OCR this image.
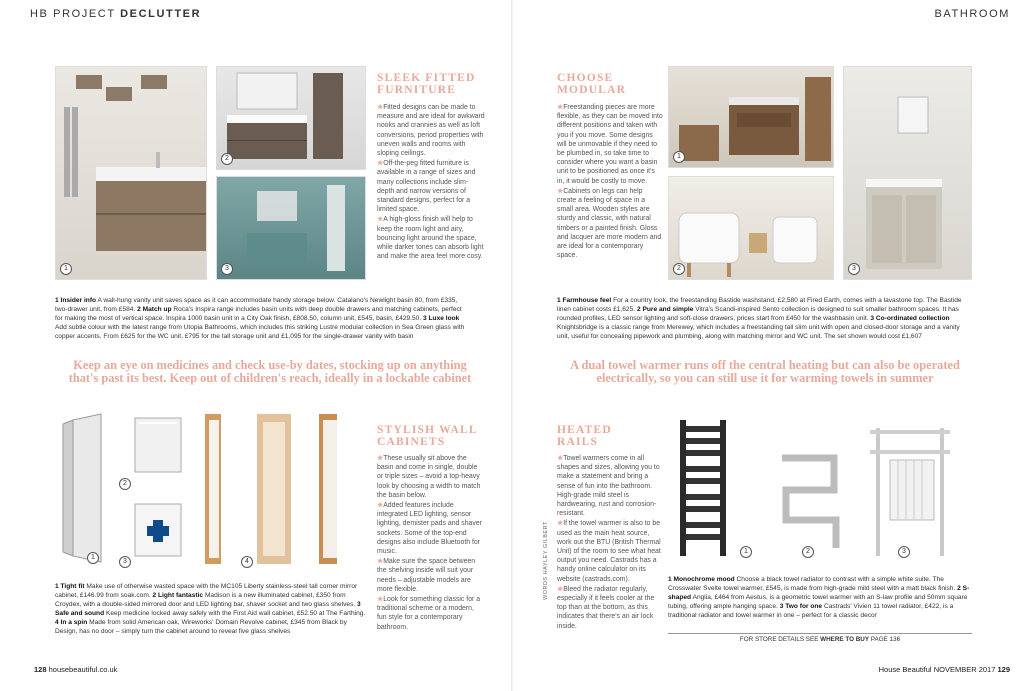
HB PROJECT DECLUTTER	BATHROOM
1
2
3
SLEEK FITTED FURNITURE

★Fitted designs can be made to measure and are ideal for awkward nooks and crannies as well as loft conversions, period properties with uneven walls and rooms with sloping ceilings.

★Off-the-peg fitted furniture is available in a range of sizes and many collections include slim-depth and narrow versions of standard designs, perfect for a limited space.

★A high-gloss finish will help to keep the room light and airy, bouncing light around the space, while darker tones can absorb light and make the area feel more cosy.

CHOOSE MODULAR

★Freestanding pieces are more flexible, as they can be moved into different positions and taken with you if you move. Some designs will be unmovable if they need to be plumbed in, so take time to consider where you want a basin unit to be positioned as once it's in, it would be costly to move.

★Cabinets on legs can help create a feeling of space in a small area. Wooden styles are sturdy and classic, with natural timbers or a painted finish. Gloss and lacquer are more modern and are ideal for a contemporary space.

1
2	3
1 Insider info A wall-hung vanity unit saves space as it can accommodate handy storage below. Catalano's Newlight basin 80, from £335, two-drawer unit, from £584. 2 Match up Roca's Inspira range includes basin units with deep double drawers and matching cabinets, perfect for making the most of vertical space. Inspira 1000 basin unit in a City Oak finish, £808.50, column unit, £545, basin, £429.50. 3 Luxe look Add subtle colour with the latest range from Utopia Bathrooms, which includes this striking Lustre modular collection in Sea Green glass with copper accents. From £625 for the WC unit, £795 for the tall storage unit and £1,095 for the single-drawer vanity with basin
1 Farmhouse feel For a country look, the freestanding Bastide washstand, £2,580 at Fired Earth, comes with a lavastone top. The Bastide linen cabinet costs £1,625. 2 Pure and simple Vitra's Scandi-inspired Sento collection is designed to suit smaller bathroom spaces. It has rounded profiles, LED sensor lighting and soft-close drawers, prices start from £450 for the washbasin unit. 3 Co-ordinated collection Knightsbridge is a classic range from Merewey, which includes a freestanding tall slim unit with open and closed-door storage and a vanity unit, useful for concealing pipework and plumbing, along with matching mirror and WC unit. The set shown would cost £1,607
Keep an eye on medicines and check use-by dates, stocking up on anything that's past its best. Keep out of children's reach, ideally in a lockable cabinet
A dual towel warmer runs off the central heating but can also be operated electrically, so you can still use it for warming towels in summer
1
2
3	4
STYLISH WALL CABINETS

★These usually sit above the basin and come in single, double or triple sizes – avoid a top-heavy look by choosing a width to match the basin below.

★Added features include integrated LED lighting, sensor lighting, demister pads and shaver sockets. Some of the top-end designs also include Bluetooth for music.

★Make sure the space between the shelving inside will suit your needs – adjustable models are more flexible.

★Look for something classic for a traditional scheme or a modern, fun style for a contemporary bathroom.

1 Tight fit Make use of otherwise wasted space with the MC105 Liberty stainless-steel tall corner mirror cabinet, £146.99 from soak.com. 2 Light fantastic Madison is a new illuminated cabinet, £350 from Croydex, with a double-sided mirrored door and LED lighting bar, shaver socket and two glass shelves. 3 Safe and sound Keep medicine locked away safely with the First Aid wall cabinet, £52.50 at The Farthing. 4 In a spin Made from solid American oak, Wireworks' Domain Revolve cabinet, £345 from Black by Design, has no door – simply turn the cabinet around to reveal five glass shelves
HEATED RAILS

★Towel warmers come in all shapes and sizes, allowing you to make a statement and bring a sense of fun into the bathroom. High-grade mild steel is hardwearing, rust and corrosion-resistant.

★If the towel warmer is also to be used as the main heat source, work out the BTU (British Thermal Unit) of the room to see what heat output you need. Castrads has a handy online calculator on its website (castrads.com).

★Bleed the radiator regularly, especially if it feels cooler at the top than at the bottom, as this indicates that there's an air lock inside.

WORDS HAYLEY GILBERT	1	2	3
1 Monochrome mood Choose a black towel radiator to contrast with a simple white suite. The Crosswater Svelte towel warmer, £545, is made from high-grade mild steel with a matt black finish. 2 S-shaped Anglia, £464 from Aestus, is a geometric towel warmer with an S-law profile and 50mm square tubing, offering ample hanging space. 3 Two for one Castrads' Vivien 11 towel radiator, £422, is a traditional radiator and towel warmer in one – perfect for a classic decor
FOR STORE DETAILS SEE WHERE TO BUY PAGE 136
128 housebeautiful.co.uk	House Beautiful NOVEMBER 2017 129
